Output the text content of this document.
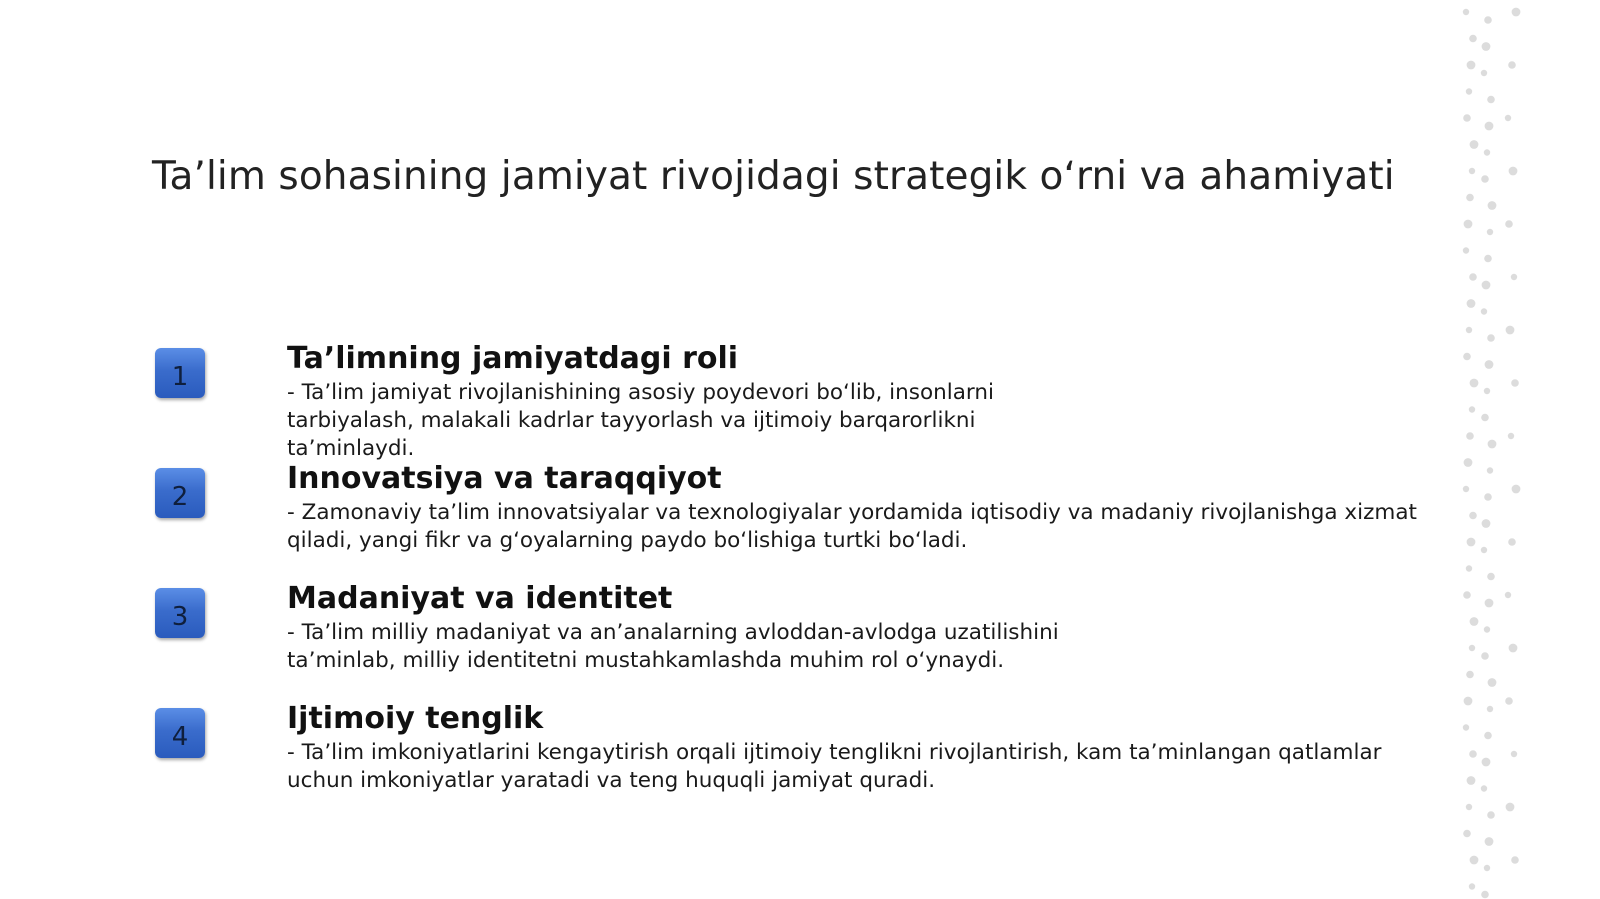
Ta’lim sohasining jamiyat rivojidagi strategik o‘rni va ahamiyati
1
Ta’limning jamiyatdagi roli

- Ta’lim jamiyat rivojlanishining asosiy poydevori bo‘lib, insonlarni tarbiyalash, malakali kadrlar tayyorlash va ijtimoiy barqarorlikni ta’minlaydi.

2
Innovatsiya va taraqqiyot

- Zamonaviy ta’lim innovatsiyalar va texnologiyalar yordamida iqtisodiy va madaniy rivojlanishga xizmat qiladi, yangi fikr va g‘oyalarning paydo bo‘lishiga turtki bo‘ladi.

3
Madaniyat va identitet

- Ta’lim milliy madaniyat va an’analarning avloddan-avlodga uzatilishini ta’minlab, milliy identitetni mustahkamlashda muhim rol o‘ynaydi.

4
Ijtimoiy tenglik

- Ta’lim imkoniyatlarini kengaytirish orqali ijtimoiy tenglikni rivojlantirish, kam ta’minlangan qatlamlar uchun imkoniyatlar yaratadi va teng huquqli jamiyat quradi.
